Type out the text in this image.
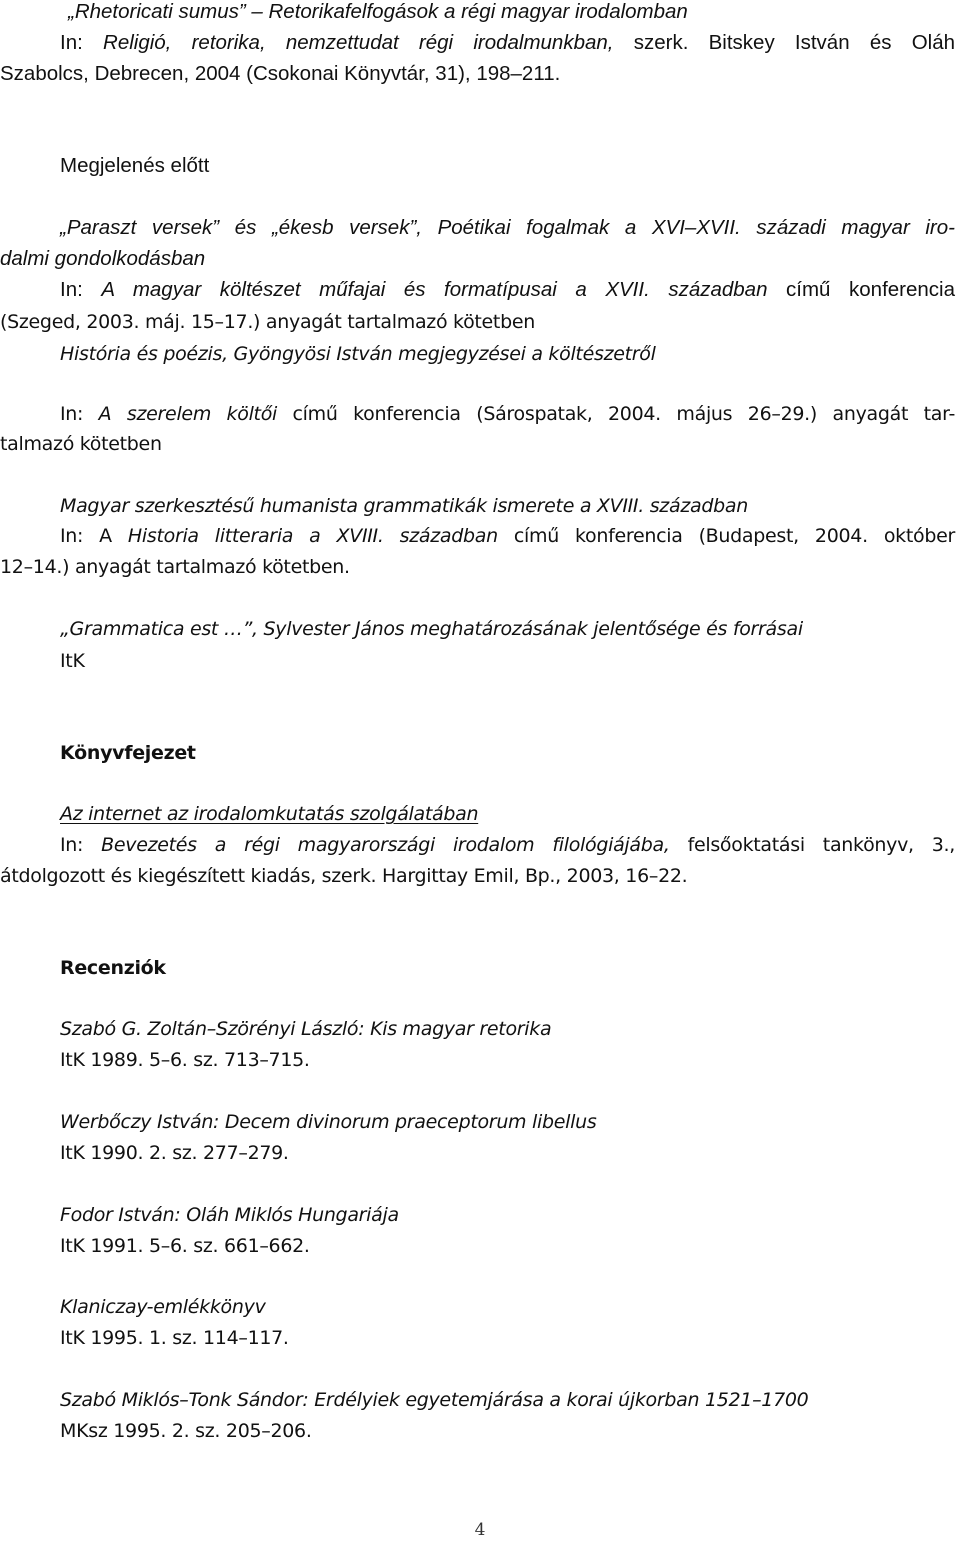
„Rhetoricati sumus” – Retorikafelfogások a régi magyar irodalomban
In: Religió, retorika, nemzettudat régi irodalmunkban, szerk. Bitskey István és Oláh
Szabolcs, Debrecen, 2004 (Csokonai Könyvtár, 31), 198–211.
Megjelenés előtt
„Paraszt versek” és „ékesb versek”, Poétikai fogalmak a XVI–XVII. századi magyar iro-
dalmi gondolkodásban
In: A magyar költészet műfajai és formatípusai a XVII. században című konferencia
(Szeged, 2003. máj. 15–17.) anyagát tartalmazó kötetben
História és poézis, Gyöngyösi István megjegyzései a költészetről
In: A szerelem költői című konferencia (Sárospatak, 2004. május 26–29.) anyagát tar-
talmazó kötetben
Magyar szerkesztésű humanista grammatikák ismerete a XVIII. században
In: A Historia litteraria a XVIII. században című konferencia (Budapest, 2004. október
12–14.) anyagát tartalmazó kötetben.
„Grammatica est …”, Sylvester János meghatározásának jelentősége és forrásai
ItK
Könyvfejezet
Az internet az irodalomkutatás szolgálatában
In: Bevezetés a régi magyarországi irodalom filológiájába, felsőoktatási tankönyv, 3.,
átdolgozott és kiegészített kiadás, szerk. Hargittay Emil, Bp., 2003, 16–22.
Recenziók
Szabó G. Zoltán–Szörényi László: Kis magyar retorika
ItK 1989. 5–6. sz. 713–715.
Werbőczy István: Decem divinorum praeceptorum libellus
ItK 1990. 2. sz. 277–279.
Fodor István: Oláh Miklós Hungariája
ItK 1991. 5–6. sz. 661–662.
Klaniczay-emlékkönyv
ItK 1995. 1. sz. 114–117.
Szabó Miklós–Tonk Sándor: Erdélyiek egyetemjárása a korai újkorban 1521–1700
MKsz 1995. 2. sz. 205–206.
4
